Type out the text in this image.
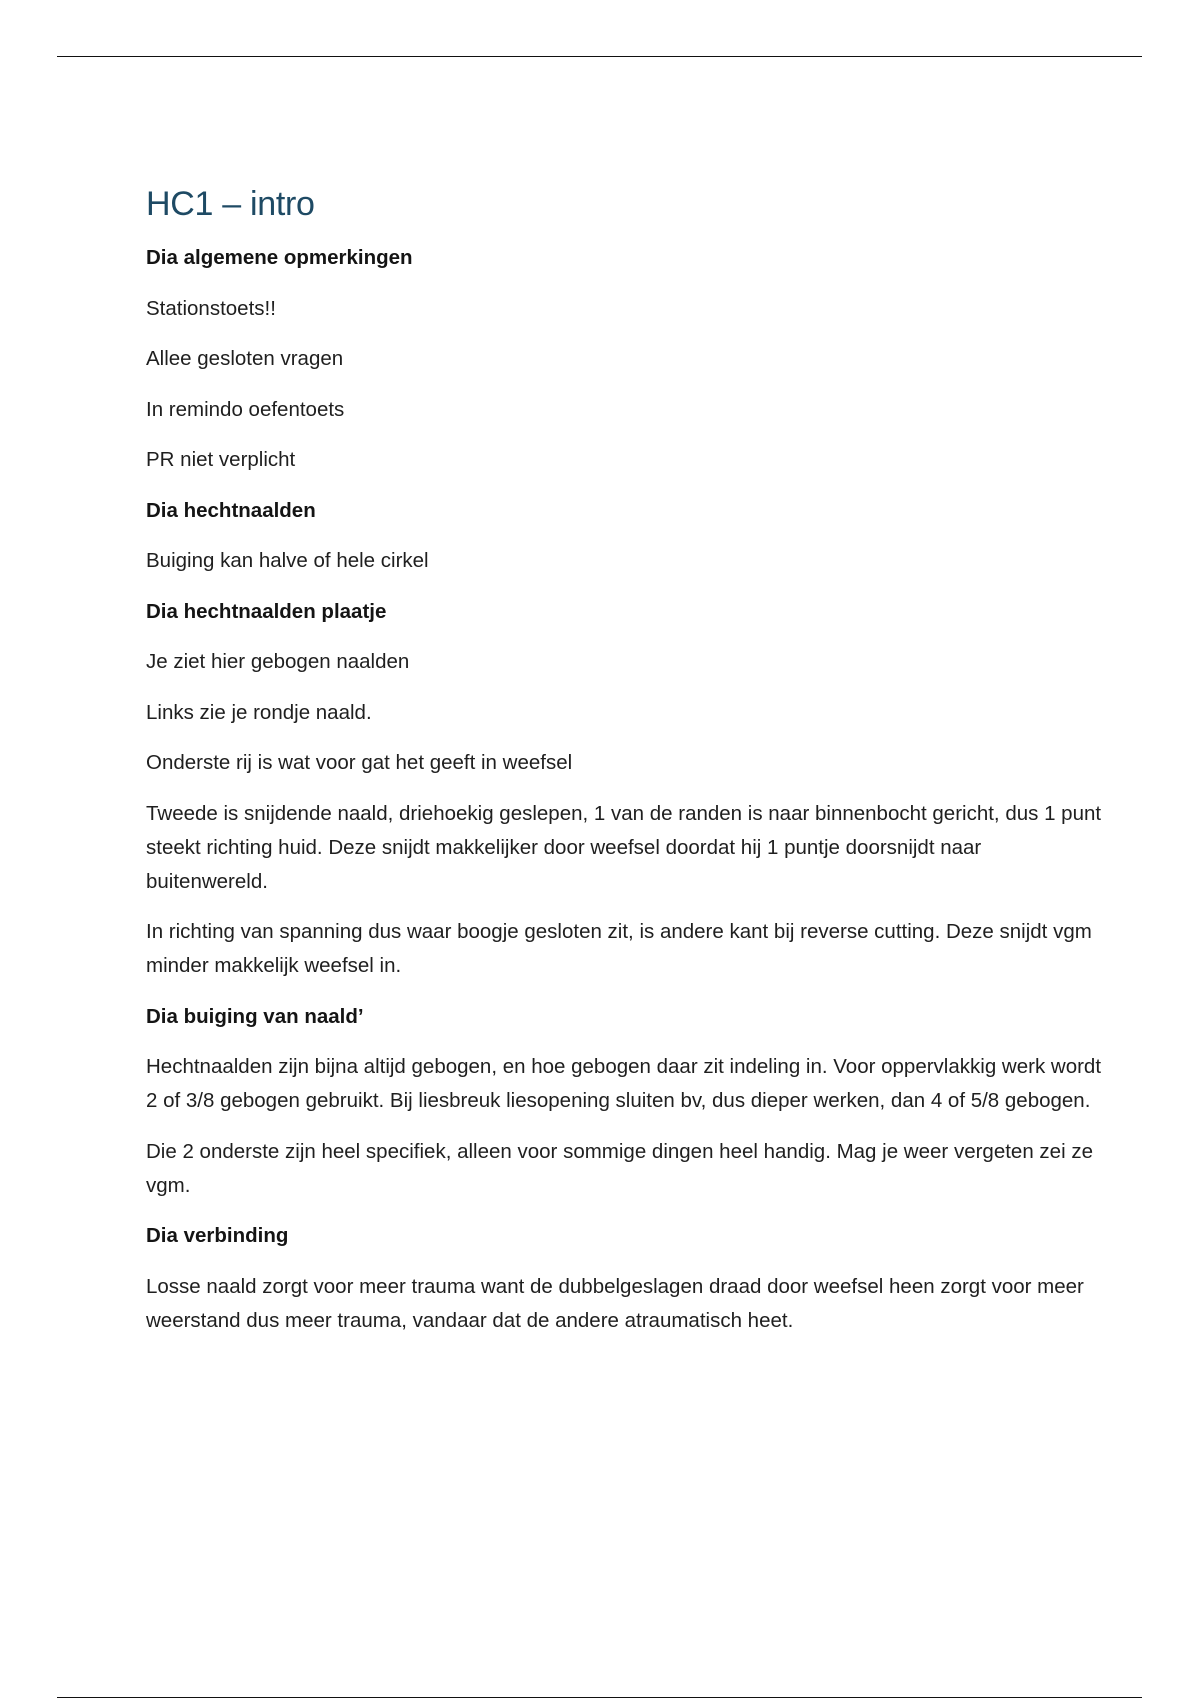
HC1 – intro
Dia algemene opmerkingen
Stationstoets!!
Allee gesloten vragen
In remindo oefentoets
PR niet verplicht
Dia hechtnaalden
Buiging kan halve of hele cirkel
Dia hechtnaalden plaatje
Je ziet hier gebogen naalden
Links zie je rondje naald.
Onderste rij is wat voor gat het geeft in weefsel
Tweede is snijdende naald, driehoekig geslepen, 1 van de randen is naar binnenbocht gericht, dus 1 punt steekt richting huid. Deze snijdt makkelijker door weefsel doordat hij 1 puntje doorsnijdt naar buitenwereld.
In richting van spanning dus waar boogje gesloten zit, is andere kant bij reverse cutting. Deze snijdt vgm minder makkelijk weefsel in.
Dia buiging van naald’
Hechtnaalden zijn bijna altijd gebogen, en hoe gebogen daar zit indeling in. Voor oppervlakkig werk wordt 2 of 3/8 gebogen gebruikt. Bij liesbreuk liesopening sluiten bv, dus dieper werken, dan 4 of 5/8 gebogen.
Die 2 onderste zijn heel specifiek, alleen voor sommige dingen heel handig. Mag je weer vergeten zei ze vgm.
Dia verbinding
Losse naald zorgt voor meer trauma want de dubbelgeslagen draad door weefsel heen zorgt voor meer weerstand dus meer trauma, vandaar dat de andere atraumatisch heet.
